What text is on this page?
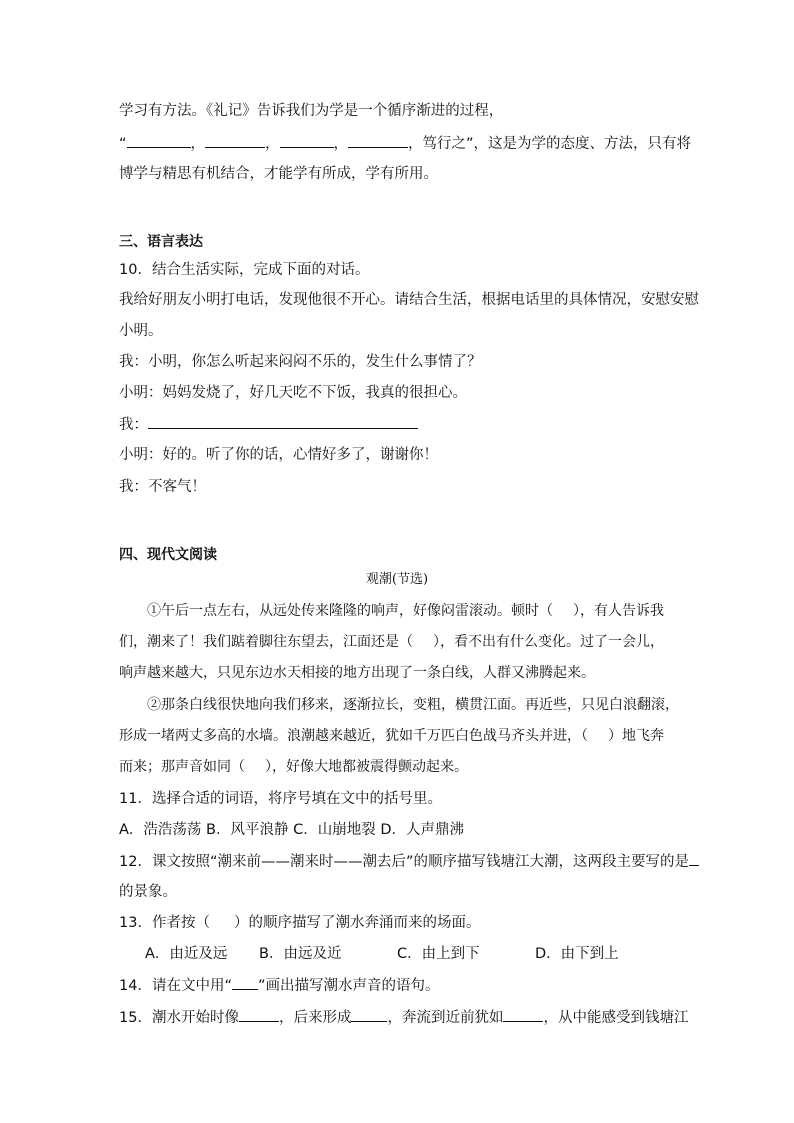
学习有方法。《礼记》告诉我们为学是一个循序渐进的过程，
“	，	，	，	，笃行之”，这是为学的态度、方法，只有将
博学与精思有机结合，才能学有所成，学有所用。
三、语言表达
10．结合生活实际，完成下面的对话。
我给好朋友小明打电话，发现他很不开心。请结合生活，根据电话里的具体情况，安慰安慰
小明。
我：小明，你怎么听起来闷闷不乐的，发生什么事情了？
小明：妈妈发烧了，好几天吃不下饭，我真的很担心。
我：
小明：好的。听了你的话，心情好多了，谢谢你！
我：不客气！
四、现代文阅读
观潮(节选)
①午后一点左右，从远处传来隆隆的响声，好像闷雷滚动。顿时（ ），有人告诉我
们，潮来了！我们踮着脚往东望去，江面还是（ ），看不出有什么变化。过了一会儿，
响声越来越大，只见东边水天相接的地方出现了一条白线，人群又沸腾起来。
②那条白线很快地向我们移来，逐渐拉长，变粗，横贯江面。再近些，只见白浪翻滚，
形成一堵两丈多高的水墙。浪潮越来越近，犹如千万匹白色战马齐头并进，（ ）地飞奔
而来；那声音如同（ ），好像大地都被震得颤动起来。
11．选择合适的词语，将序号填在文中的括号里。
A．浩浩荡荡 B．风平浪静 C．山崩地裂 D．人声鼎沸
12．课文按照“潮来前——潮来时——潮去后”的顺序描写钱塘江大潮，这两段主要写的是
的景象。
13．作者按（ ）的顺序描写了潮水奔涌而来的场面。
A．由近及远 B．由远及近	C．由上到下	D．由下到上
14．请在文中用“ ”画出描写潮水声音的语句。
15．潮水开始时像	，后来形成 ，奔流到近前犹如	，从中能感受到钱塘江
